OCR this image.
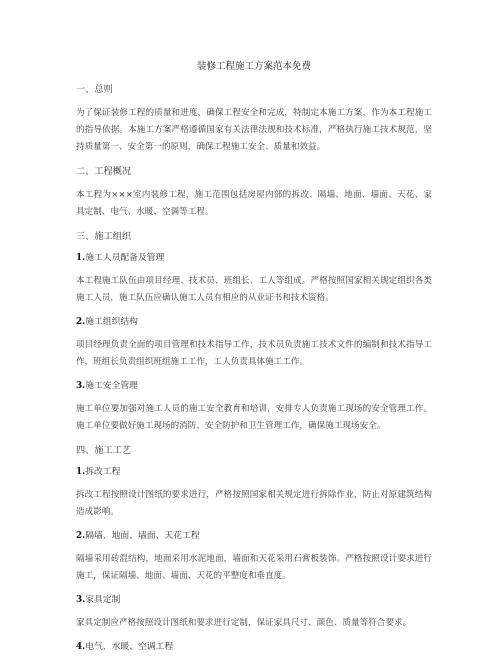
装修工程施工方案范本免费
一、总则
为了保证装修工程的质量和进度，确保工程安全和完成，特制定本施工方案，作为本工程施工的指导依据。本施工方案严格遵循国家有关法律法规和技术标准，严格执行施工技术规范，坚持质量第一、安全第一的原则，确保工程施工安全、质量和效益。
二、工程概况
本工程为×××室内装修工程，施工范围包括房屋内部的拆改、隔墙、地面、墙面、天花、家具定制、电气、水暖、空调等工程。
三、施工组织
1.施工人员配备及管理
本工程施工队伍由项目经理、技术员、班组长、工人等组成。严格按照国家相关规定组织各类施工人员，施工队伍应确认施工人员有相应的从业证书和技术资格。
2.施工组织结构
项目经理负责全面的项目管理和技术指导工作，技术员负责施工技术文件的编制和技术指导工作，班组长负责组织班组施工工作，工人负责具体施工工作。
3.施工安全管理
施工单位要加强对施工人员的施工安全教育和培训，安排专人负责施工现场的安全管理工作。施工单位要做好施工现场的消防、安全防护和卫生管理工作，确保施工现场安全。
四、施工工艺
1.拆改工程
拆改工程按照设计图纸的要求进行，严格按照国家相关规定进行拆除作业，防止对原建筑结构造成影响。
2.隔墙、地面、墙面、天花工程
隔墙采用砖混结构，地面采用水泥地面，墙面和天花采用石膏板装饰。严格按照设计要求进行施工，保证隔墙、地面、墙面、天花的平整度和垂直度。
3.家具定制
家具定制应严格按照设计图纸和要求进行定制，保证家具尺寸、颜色、质量等符合要求。
4.电气、水暖、空调工程
